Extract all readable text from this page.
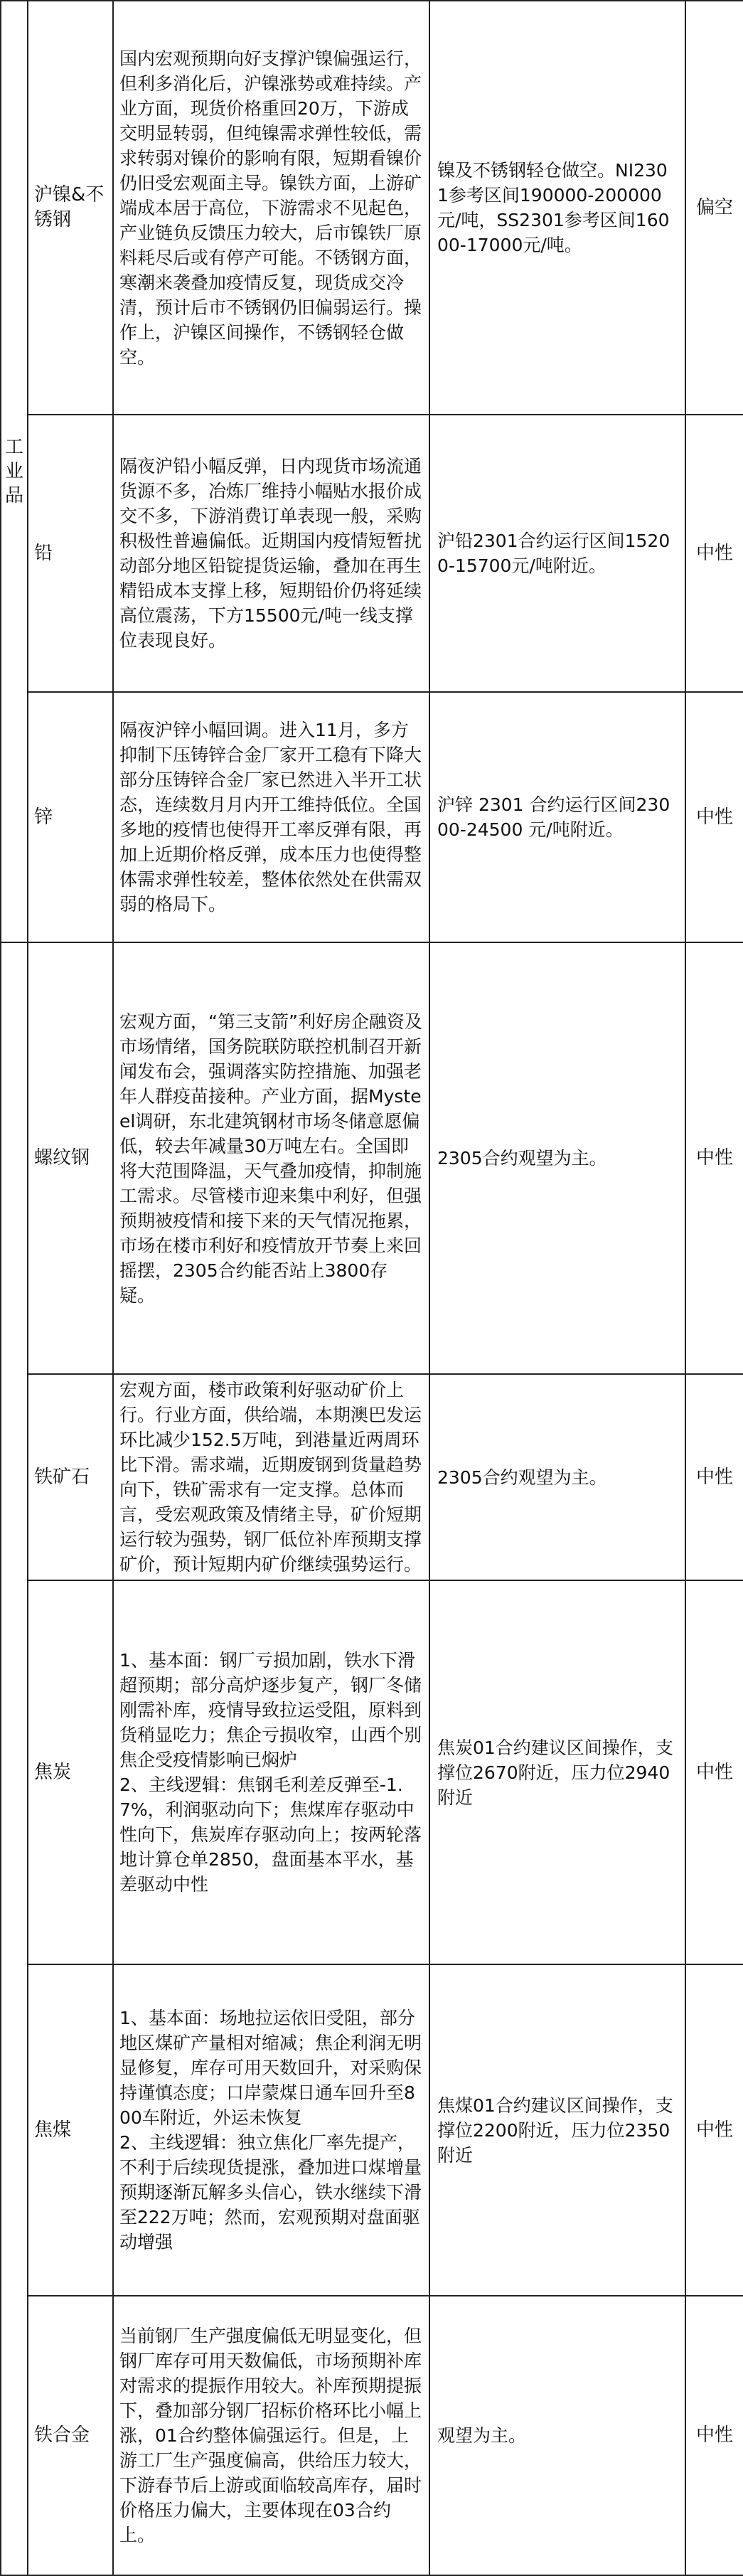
工业品	沪镍&不锈钢	国内宏观预期向好支撑沪镍偏强运行，但利多消化后，沪镍涨势或难持续。产业方面，现货价格重回20万，下游成交明显转弱，但纯镍需求弹性较低，需求转弱对镍价的影响有限，短期看镍价仍旧受宏观面主导。镍铁方面，上游矿端成本居于高位，下游需求不见起色，产业链负反馈压力较大，后市镍铁厂原料耗尽后或有停产可能。不锈钢方面，寒潮来袭叠加疫情反复，现货成交冷清，预计后市不锈钢仍旧偏弱运行。操作上，沪镍区间操作，不锈钢轻仓做空。	镍及不锈钢轻仓做空。NI2301参考区间190000-200000元/吨，SS2301参考区间16000-17000元/吨。	偏空
	铅	隔夜沪铅小幅反弹，日内现货市场流通货源不多，冶炼厂维持小幅贴水报价成交不多，下游消费订单表现一般，采购积极性普遍偏低。近期国内疫情短暂扰动部分地区铅锭提货运输，叠加在再生精铅成本支撑上移，短期铅价仍将延续高位震荡，下方15500元/吨一线支撑位表现良好。	沪铅2301合约运行区间15200-15700元/吨附近。	中性
	锌	隔夜沪锌小幅回调。进入11月，多方抑制下压铸锌合金厂家开工稳有下降大部分压铸锌合金厂家已然进入半开工状态，连续数月月内开工维持低位。全国多地的疫情也使得开工率反弹有限，再加上近期价格反弹，成本压力也使得整体需求弹性较差，整体依然处在供需双弱的格局下。	沪锌 2301 合约运行区间23000-24500 元/吨附近。	中性
	螺纹钢	宏观方面，“第三支箭”利好房企融资及市场情绪，国务院联防联控机制召开新闻发布会，强调落实防控措施、加强老年人群疫苗接种。产业方面，据Mysteel调研，东北建筑钢材市场冬储意愿偏低，较去年减量30万吨左右。全国即将大范围降温，天气叠加疫情，抑制施工需求。尽管楼市迎来集中利好，但强预期被疫情和接下来的天气情况拖累，市场在楼市利好和疫情放开节奏上来回摇摆，2305合约能否站上3800存疑。	2305合约观望为主。	中性
	铁矿石	宏观方面，楼市政策利好驱动矿价上行。行业方面，供给端，本期澳巴发运环比减少152.5万吨，到港量近两周环比下滑。需求端，近期废钢到货量趋势向下，铁矿需求有一定支撑。总体而言，受宏观政策及情绪主导，矿价短期运行较为强势，钢厂低位补库预期支撑矿价，预计短期内矿价继续强势运行。	2305合约观望为主。	中性
	焦炭	1、基本面：钢厂亏损加剧，铁水下滑超预期；部分高炉逐步复产，钢厂冬储刚需补库，疫情导致拉运受阻，原料到货稍显吃力；焦企亏损收窄，山西个别焦企受疫情影响已焖炉
2、主线逻辑：焦钢毛利差反弹至-1.7%，利润驱动向下；焦煤库存驱动中性向下，焦炭库存驱动向上；按两轮落地计算仓单2850，盘面基本平水，基差驱动中性	焦炭01合约建议区间操作，支撑位2670附近，压力位2940附近	中性
	焦煤	1、基本面：场地拉运依旧受阻，部分地区煤矿产量相对缩减；焦企利润无明显修复，库存可用天数回升，对采购保持谨慎态度；口岸蒙煤日通车回升至800车附近，外运未恢复
2、主线逻辑：独立焦化厂率先提产，不利于后续现货提涨，叠加进口煤增量预期逐渐瓦解多头信心，铁水继续下滑至222万吨；然而，宏观预期对盘面驱动增强	焦煤01合约建议区间操作，支撑位2200附近，压力位2350附近	中性
	铁合金	当前钢厂生产强度偏低无明显变化，但钢厂库存可用天数偏低，市场预期补库对需求的提振作用较大。补库预期提振下，叠加部分钢厂招标价格环比小幅上涨，01合约整体偏强运行。但是，上游工厂生产强度偏高，供给压力较大，下游春节后上游或面临较高库存，届时价格压力偏大，主要体现在03合约上。	观望为主。	中性
